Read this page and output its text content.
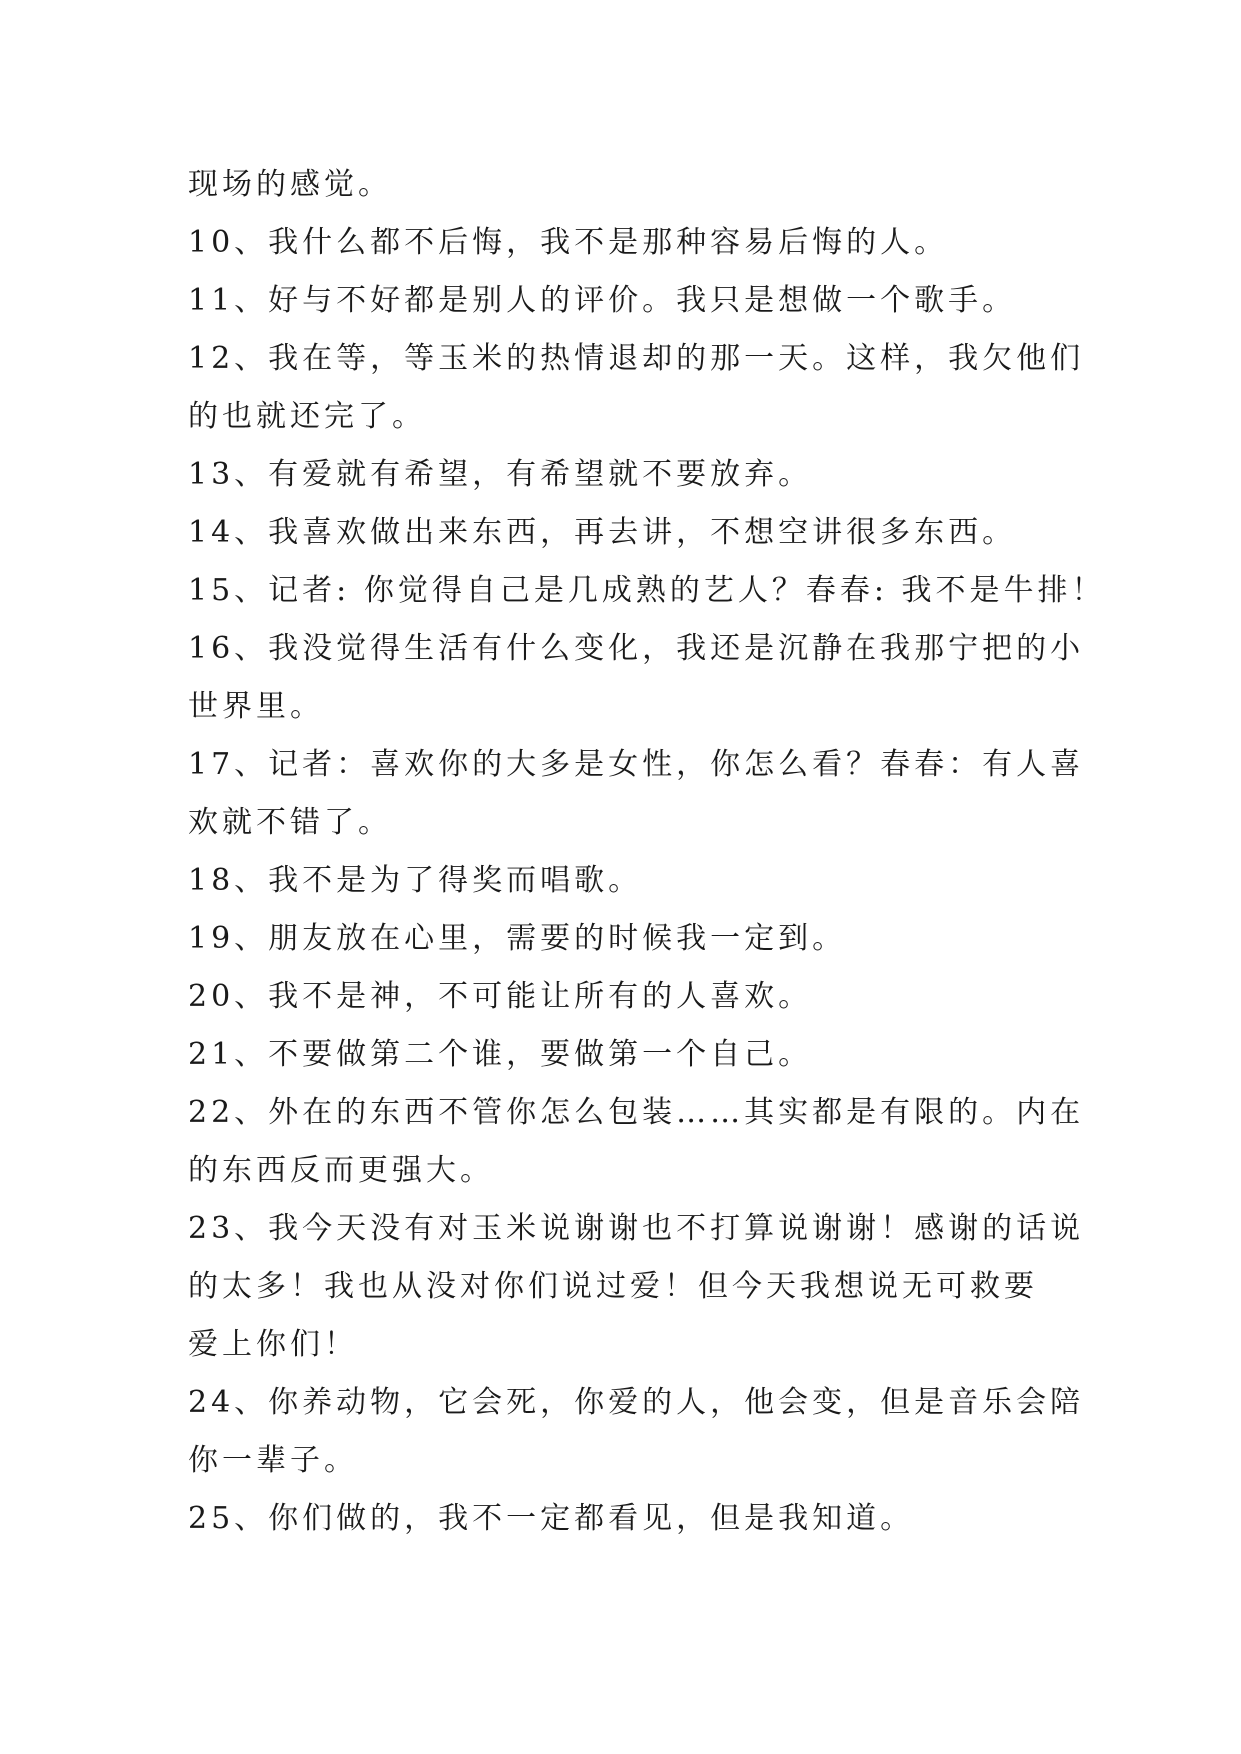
现场的感觉。
10、我什么都不后悔，我不是那种容易后悔的人。
11、好与不好都是别人的评价。我只是想做一个歌手。
12、我在等，等玉米的热情退却的那一天。这样，我欠他们
的也就还完了。
13、有爱就有希望，有希望就不要放弃。
14、我喜欢做出来东西，再去讲，不想空讲很多东西。
15、记者: 你觉得自己是几成熟的艺人？春春: 我不是牛排！
16、我没觉得生活有什么变化，我还是沉静在我那宁把的小
世界里。
17、记者：喜欢你的大多是女性，你怎么看？春春：有人喜
欢就不错了。
18、我不是为了得奖而唱歌。
19、朋友放在心里，需要的时候我一定到。
20、我不是神，不可能让所有的人喜欢。
21、不要做第二个谁，要做第一个自己。
22、外在的东西不管你怎么包装……其实都是有限的。内在
的东西反而更强大。
23、我今天没有对玉米说谢谢也不打算说谢谢！感谢的话说
的太多！我也从没对你们说过爱！但今天我想说无可救要
爱上你们！
24、你养动物，它会死，你爱的人，他会变，但是音乐会陪
你一辈子。
25、你们做的，我不一定都看见，但是我知道。
